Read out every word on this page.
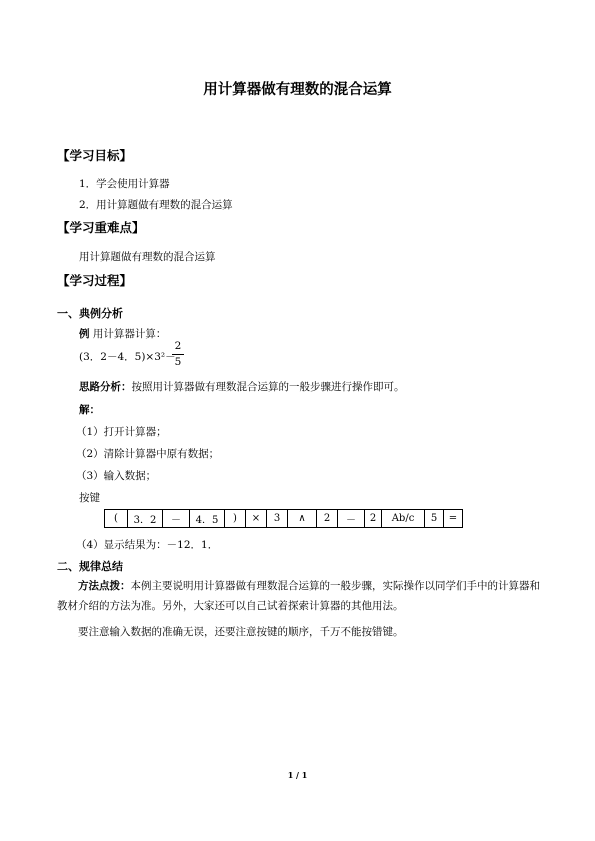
用计算器做有理数的混合运算
【学习目标】
1．学会使用计算器
2．用计算题做有理数的混合运算
【学习重难点】
用计算题做有理数的混合运算
【学习过程】
一、典例分析
例 用计算器计算：
(3．2－4．5)×3²－
2
5
思路分析：按照用计算器做有理数混合运算的一般步骤进行操作即可。
解：
（1）打开计算器；
（2）清除计算器中原有数据；
（3）输入数据；
按键
(	3．2	－	4．5	)	×	3	∧	2	－	2	Ab/c	5	=
（4）显示结果为：－12．1．
二、规律总结
方法点拨：本例主要说明用计算器做有理数混合运算的一般步骤，实际操作以同学们手中的计算器和教材介绍的方法为准。另外，大家还可以自己试着探索计算器的其他用法。
要注意输入数据的准确无误，还要注意按键的顺序，千万不能按错键。
1 / 1
